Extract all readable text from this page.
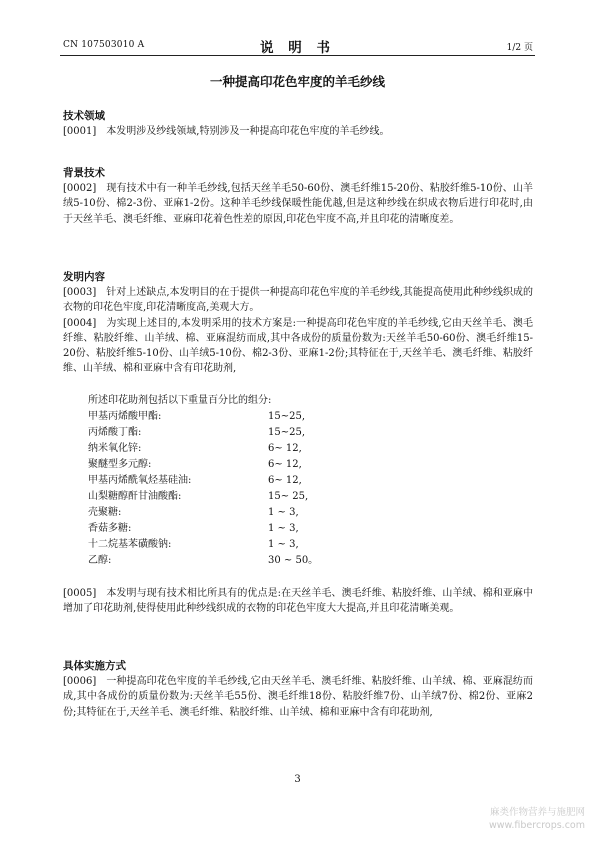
CN 107503010 A	说 明 书	1/2 页
一种提高印花色牢度的羊毛纱线
技术领域
[0001] 本发明涉及纱线领域,特别涉及一种提高印花色牢度的羊毛纱线。
背景技术
[0002] 现有技术中有一种羊毛纱线,包括天丝羊毛50-60份、澳毛纤维15-20份、粘胶纤维5-10份、山羊绒5-10份、棉2-3份、亚麻1-2份。这种羊毛纱线保暖性能优越,但是这种纱线在织成衣物后进行印花时,由于天丝羊毛、澳毛纤维、亚麻印花着色性差的原因,印花色牢度不高,并且印花的清晰度差。
发明内容
[0003] 针对上述缺点,本发明目的在于提供一种提高印花色牢度的羊毛纱线,其能提高使用此种纱线织成的衣物的印花色牢度,印花清晰度高,美观大方。
[0004] 为实现上述目的,本发明采用的技术方案是:一种提高印花色牢度的羊毛纱线,它由天丝羊毛、澳毛纤维、粘胶纤维、山羊绒、棉、亚麻混纺而成,其中各成份的质量份数为:天丝羊毛50-60份、澳毛纤维15-20份、粘胶纤维5-10份、山羊绒5-10份、棉2-3份、亚麻1-2份;其特征在于,天丝羊毛、澳毛纤维、粘胶纤维、山羊绒、棉和亚麻中含有印花助剂,
所述印花助剂包括以下重量百分比的组分:
甲基丙烯酸甲酯:	15~25,
丙烯酸丁酯:	15~25,
纳米氧化锌:	6~ 12,
聚醚型多元醇:	6~ 12,
甲基丙烯酰氧烃基硅油:	6~ 12,
山梨糖醇酐甘油酸酯:	15~ 25,
壳聚糖:	1 ~ 3,
香菇多糖:	1 ~ 3,
十二烷基苯磺酸钠:	1 ~ 3,
乙醇:	30 ~ 50。
[0005] 本发明与现有技术相比所具有的优点是:在天丝羊毛、澳毛纤维、粘胶纤维、山羊绒、棉和亚麻中增加了印花助剂,使得使用此种纱线织成的衣物的印花色牢度大大提高,并且印花清晰美观。
具体实施方式
[0006] 一种提高印花色牢度的羊毛纱线,它由天丝羊毛、澳毛纤维、粘胶纤维、山羊绒、棉、亚麻混纺而成,其中各成份的质量份数为:天丝羊毛55份、澳毛纤维18份、粘胶纤维7份、山羊绒7份、棉2份、亚麻2份;其特征在于,天丝羊毛、澳毛纤维、粘胶纤维、山羊绒、棉和亚麻中含有印花助剂,
3
麻类作物营养与施肥网
www.fibercrops.com
